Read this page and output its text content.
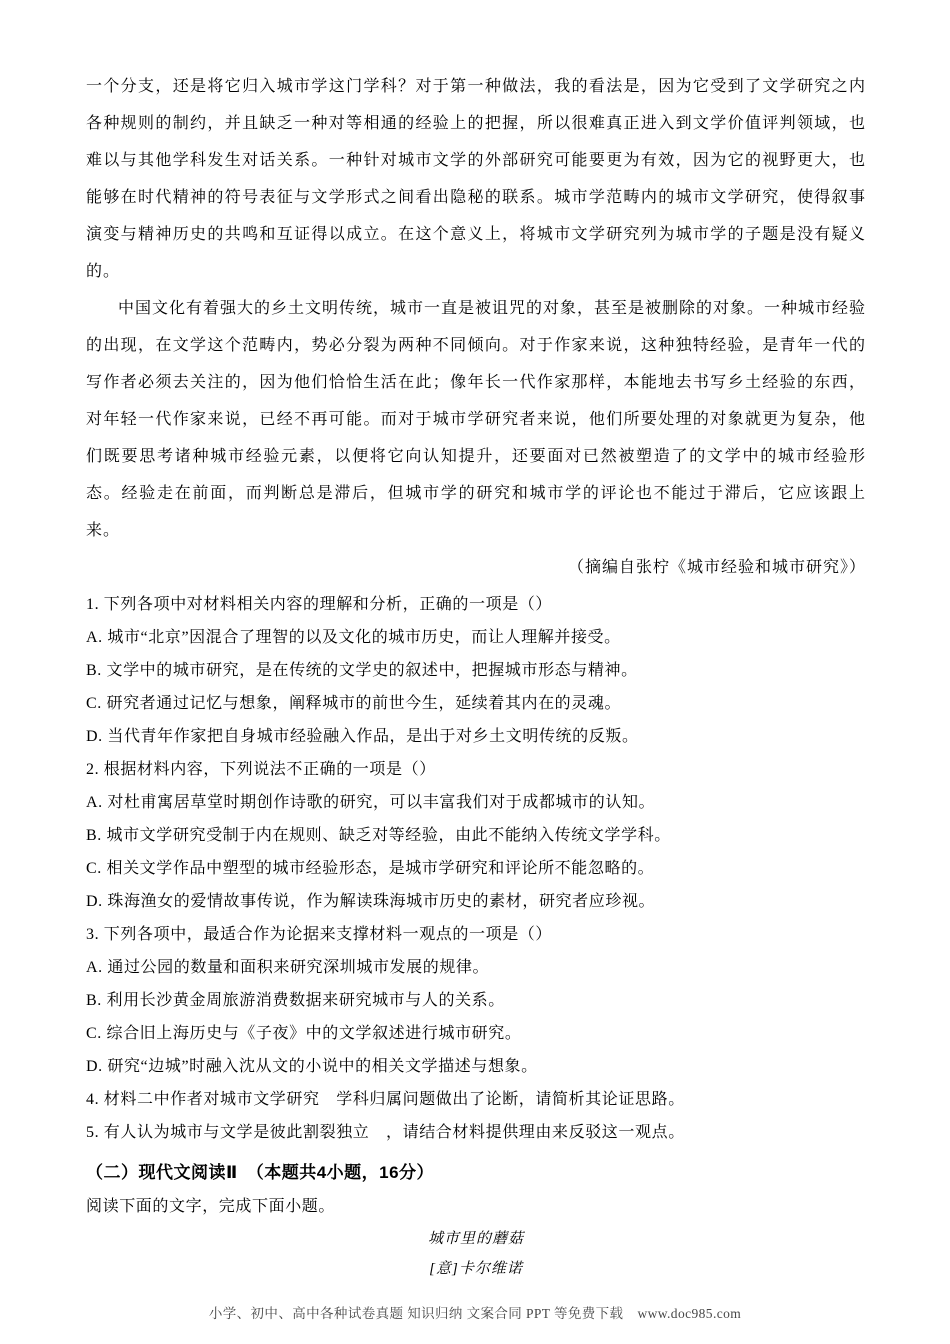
一个分支，还是将它归入城市学这门学科？对于第一种做法，我的看法是，因为它受到了文学研究之内各种规则的制约，并且缺乏一种对等相通的经验上的把握，所以很难真正进入到文学价值评判领域，也难以与其他学科发生对话关系。一种针对城市文学的外部研究可能要更为有效，因为它的视野更大，也能够在时代精神的符号表征与文学形式之间看出隐秘的联系。城市学范畴内的城市文学研究，使得叙事演变与精神历史的共鸣和互证得以成立。在这个意义上，将城市文学研究列为城市学的子题是没有疑义的。

中国文化有着强大的乡土文明传统，城市一直是被诅咒的对象，甚至是被删除的对象。一种城市经验的出现，在文学这个范畴内，势必分裂为两种不同倾向。对于作家来说，这种独特经验，是青年一代的写作者必须去关注的，因为他们恰恰生活在此；像年长一代作家那样，本能地去书写乡土经验的东西，对年轻一代作家来说，已经不再可能。而对于城市学研究者来说，他们所要处理的对象就更为复杂，他们既要思考诸种城市经验元素，以便将它向认知提升，还要面对已然被塑造了的文学中的城市经验形态。经验走在前面，而判断总是滞后，但城市学的研究和城市学的评论也不能过于滞后，它应该跟上来。

（摘编自张柠《城市经验和城市研究》）

1. 下列各项中对材料相关内容的理解和分析，正确的一项是（）

A. 城市“北京”因混合了理智的以及文化的城市历史，而让人理解并接受。

B. 文学中的城市研究，是在传统的文学史的叙述中，把握城市形态与精神。

C. 研究者通过记忆与想象，阐释城市的前世今生，延续着其内在的灵魂。

D. 当代青年作家把自身城市经验融入作品，是出于对乡土文明传统的反叛。

2. 根据材料内容，下列说法不正确的一项是（）

A. 对杜甫寓居草堂时期创作诗歌的研究，可以丰富我们对于成都城市的认知。

B. 城市文学研究受制于内在规则、缺乏对等经验，由此不能纳入传统文学学科。

C. 相关文学作品中塑型的城市经验形态，是城市学研究和评论所不能忽略的。

D. 珠海渔女的爱情故事传说，作为解读珠海城市历史的素材，研究者应珍视。

3. 下列各项中，最适合作为论据来支撑材料一观点的一项是（）

A. 通过公园的数量和面积来研究深圳城市发展的规律。

B. 利用长沙黄金周旅游消费数据来研究城市与人的关系。

C. 综合旧上海历史与《子夜》中的文学叙述进行城市研究。

D. 研究“边城”时融入沈从文的小说中的相关文学描述与想象。

4. 材料二中作者对城市文学研究　学科归属问题做出了论断，请简析其论证思路。

5. 有人认为城市与文学是彼此割裂独立　，请结合材料提供理由来反驳这一观点。

（二）现代文阅读Ⅱ　（本题共4小题，16分）

阅读下面的文字，完成下面小题。

城市里的蘑菇

[意]卡尔维诺

小学、初中、高中各种试卷真题 知识归纳 文案合同 PPT 等免费下载 www.doc985.com
